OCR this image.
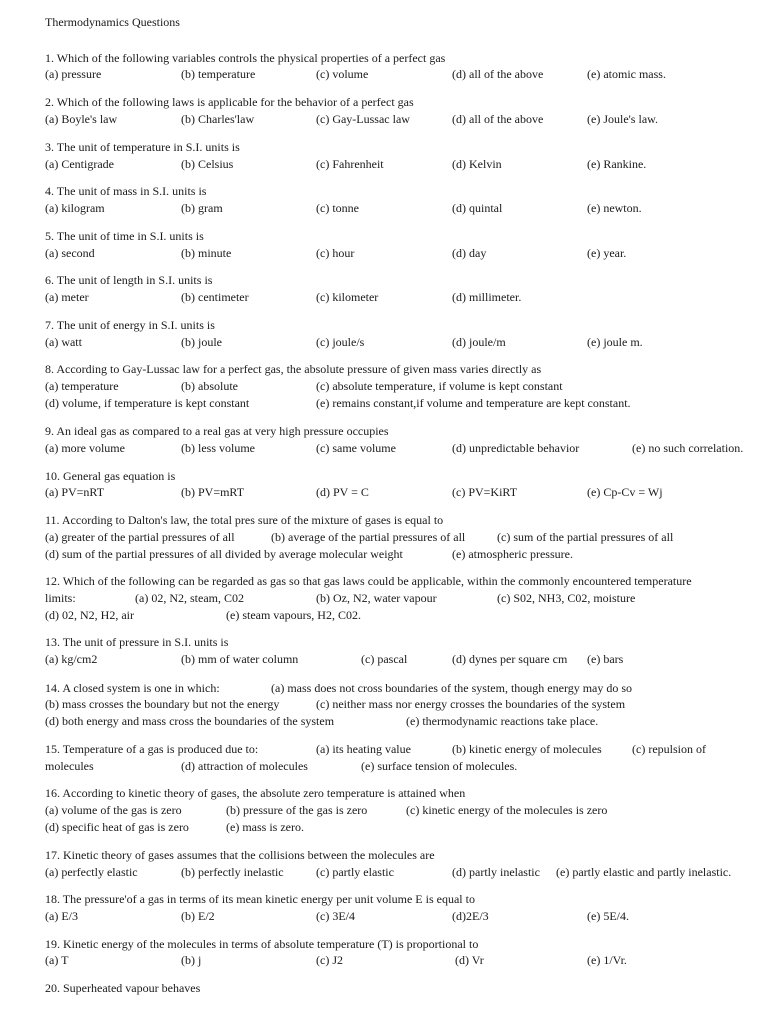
Thermodynamics Questions
1. Which of the following variables controls the physical properties of a perfect gas
(a) pressure	(b) temperature	(c) volume	(d) all of the above	(e) atomic mass.
2. Which of the following laws is applicable for the behavior of a perfect gas
(a) Boyle's law	(b) Charles'law	(c) Gay-Lussac law	(d) all of the above	(e) Joule's law.
3. The unit of temperature in S.I. units is
(a) Centigrade	(b) Celsius	(c) Fahrenheit	(d) Kelvin	(e) Rankine.
4. The unit of mass in S.I. units is
(a) kilogram	(b) gram	(c) tonne	(d) quintal	(e) newton.
5. The unit of time in S.I. units is
(a) second	(b) minute	(c) hour	(d) day	(e) year.
6. The unit of length in S.I. units is
(a) meter	(b) centimeter	(c) kilometer	(d) millimeter.
7. The unit of energy in S.I. units is
(a) watt	(b) joule	(c) joule/s	(d) joule/m	(e) joule m.
8. According to Gay-Lussac law for a perfect gas, the absolute pressure of given mass varies directly as
(a) temperature	(b) absolute	(c) absolute temperature, if volume is kept constant
(d) volume, if temperature is kept constant	(e) remains constant,if volume and temperature are kept constant.
9. An ideal gas as compared to a real gas at very high pressure occupies
(a) more volume	(b) less volume	(c) same volume	(d) unpredictable behavior	(e) no such correlation.
10. General gas equation is
(a) PV=nRT	(b) PV=mRT	(d) PV = C	(c) PV=KiRT	(e) Cp-Cv = Wj
11. According to Dalton's law, the total pres sure of the mixture of gases is equal to
(a) greater of the partial pressures of all	(b) average of the partial pressures of all	(c) sum of the partial pressures of all
(d) sum of the partial pressures of all divided by average molecular weight	(e) atmospheric pressure.
12. Which of the following can be regarded as gas so that gas laws could be applicable, within the commonly encountered temperature
limits:	(a) 02, N2, steam, C02	(b) Oz, N2, water vapour	(c) S02, NH3, C02, moisture
(d) 02, N2, H2, air	(e) steam vapours, H2, C02.
13. The unit of pressure in S.I. units is
(a) kg/cm2	(b) mm of water column	(c) pascal	(d) dynes per square cm (e) bars
14. A closed system is one in which:	(a) mass does not cross boundaries of the system, though energy may do so
(b) mass crosses the boundary but not the energy	(c) neither mass nor energy crosses the boundaries of the system
(d) both energy and mass cross the boundaries of the system	(e) thermodynamic reactions take place.
15. Temperature of a gas is produced due to:	(a) its heating value	(b) kinetic energy of molecules	(c) repulsion of
molecules	(d) attraction of molecules	(e) surface tension of molecules.
16. According to kinetic theory of gases, the absolute zero temperature is attained when
(a) volume of the gas is zero	(b) pressure of the gas is zero	(c) kinetic energy of the molecules is zero
(d) specific heat of gas is zero	(e) mass is zero.
17. Kinetic theory of gases assumes that the collisions between the molecules are
(a) perfectly elastic	(b) perfectly inelastic	(c) partly elastic	(d) partly inelastic (e) partly elastic and partly inelastic.
18. The pressure'of a gas in terms of its mean kinetic energy per unit volume E is equal to
(a) E/3	(b) E/2	(c) 3E/4	(d)2E/3	(e) 5E/4.
19. Kinetic energy of the molecules in terms of absolute temperature (T) is proportional to
(a) T	(b) j	(c) J2	(d) Vr	(e) 1/Vr.
20. Superheated vapour behaves
